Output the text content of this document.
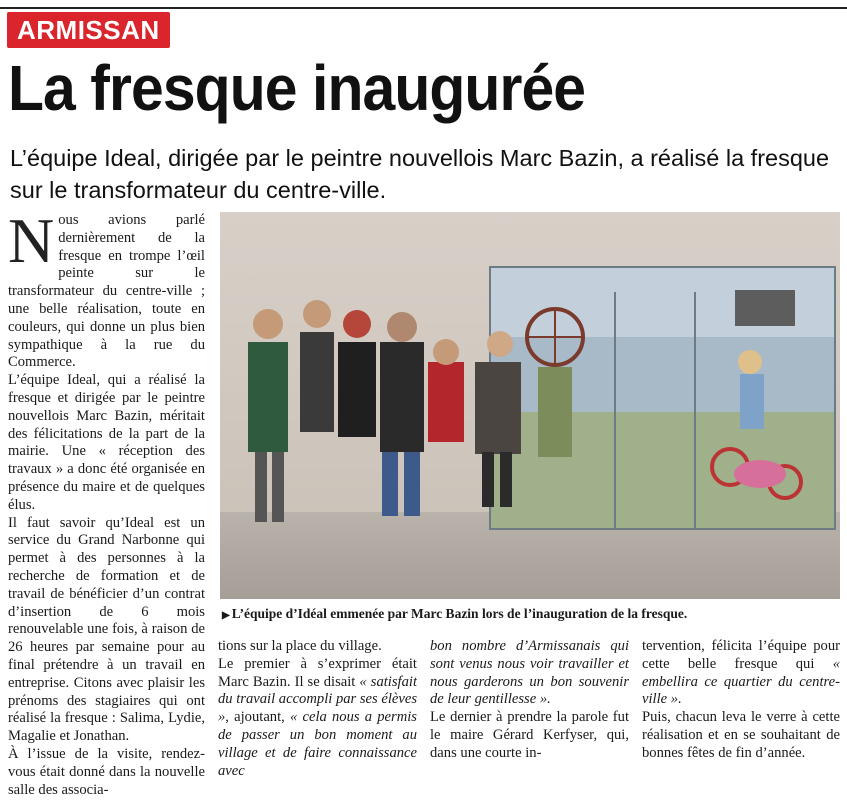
ARMISSAN
La fresque inaugurée

L’équipe Ideal, dirigée par le peintre nouvellois Marc Bazin, a réalisé la fresque sur le transformateur du centre-ville.

Nous avions parlé dernièrement de la fresque en trompe l’œil peinte sur le transformateur du centre-ville ; une belle réalisation, toute en couleurs, qui donne un plus bien sympathique à la rue du Commerce.

L’équipe Ideal, qui a réalisé la fresque et dirigée par le peintre nouvellois Marc Bazin, méritait des félicitations de la part de la mairie. Une « réception des travaux » a donc été organisée en présence du maire et de quelques élus.

Il faut savoir qu’Ideal est un service du Grand Narbonne qui permet à des personnes à la recherche de formation et de travail de bénéficier d’un contrat d’insertion de 6 mois renouvelable une fois, à raison de 26 heures par semaine pour au final prétendre à un travail en entreprise. Citons avec plaisir les prénoms des stagiaires qui ont réalisé la fresque : Salima, Lydie, Magalie et Jonathan.

À l’issue de la visite, rendez-vous était donné dans la nouvelle salle des associa-

▶ L’équipe d’Idéal emmenée par Marc Bazin lors de l’inauguration de la fresque.

tions sur la place du village.

Le premier à s’exprimer était Marc Bazin. Il se disait « satisfait du travail accompli par ses élèves », ajoutant, « cela nous a permis de passer un bon moment au village et de faire connaissance avec

bon nombre d’Armissanais qui sont venus nous voir travailler et nous garderons un bon souvenir de leur gentillesse ».

Le dernier à prendre la parole fut le maire Gérard Kerfyser, qui, dans une courte in-

tervention, félicita l’équipe pour cette belle fresque qui « embellira ce quartier du centre-ville ».

Puis, chacun leva le verre à cette réalisation et en se souhaitant de bonnes fêtes de fin d’année.
